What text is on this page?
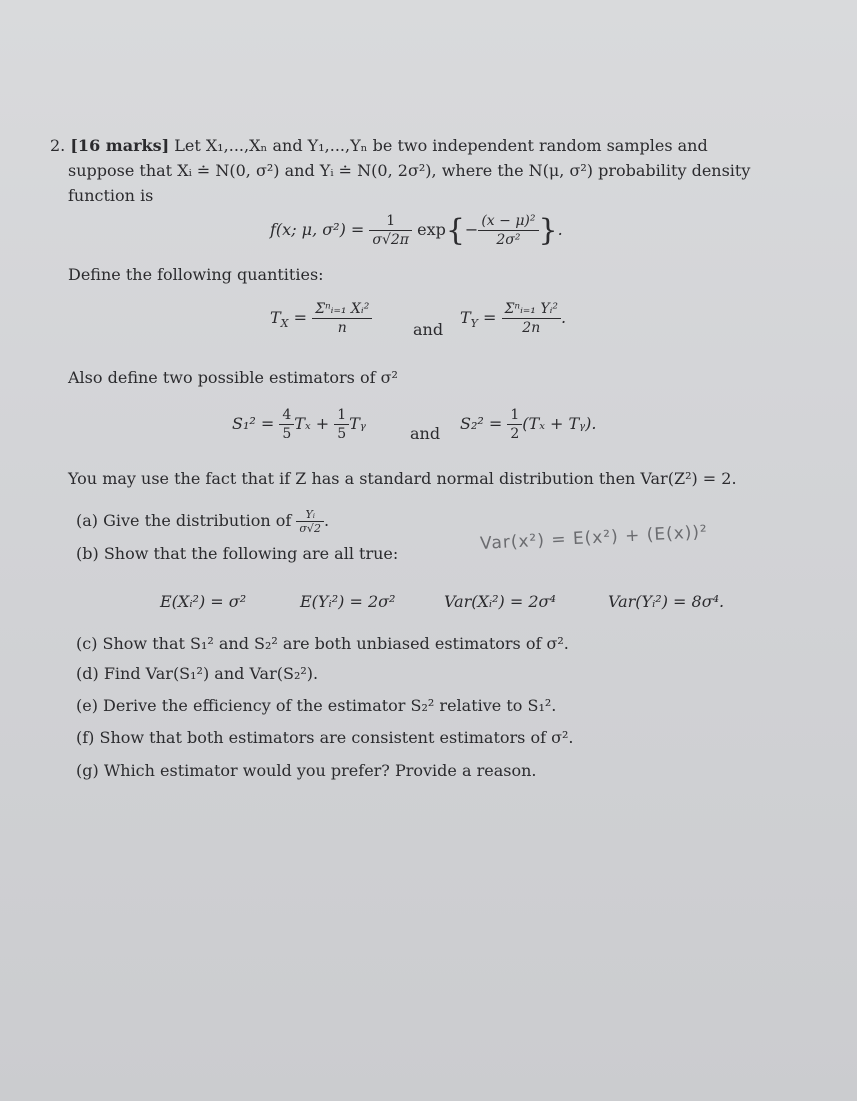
2. [16 marks] Let X₁,...,Xₙ and Y₁,...,Yₙ be two independent random samples and
suppose that Xᵢ ≐ N(0, σ²) and Yᵢ ≐ N(0, 2σ²), where the N(μ, σ²) probability density
function is
f(x; μ, $\sigma^2) = \frac{1}{\sigma√2\pi} \exp\{- \frac{\text{(x − μ)²}}{\text{2σ²}}$ }.
Define the following quantities:
$T_X = \frac{\text{Σⁿᵢ₌₁ Xᵢ²}}{n}$	and
$T_Y = \frac{\text{Σⁿᵢ₌₁ Yᵢ²}}{2n}$ .
Also define two possible estimators of σ²
$S_1^2 = \frac{4}{5}$ $T_x + \frac{1}{5}$ Tᵧ
and
$S_2^2 = \frac{1}{2} (T_x$ + Tᵧ).
You may use the fact that if Z has a standard normal distribution then Var(Z²) = 2.
(a) Give the distribution of $\frac{\text{Yᵢ}}{\sigma√2}$ .
(b) Show that the following are all true:	Var(x²) = E(x²) + (E(x))²
E(Xᵢ²) = σ²	E(Yᵢ²) = 2σ²	Var(Xᵢ²) = 2σ⁴	Var(Yᵢ²) = 8σ⁴.
(c) Show that S₁² and S₂² are both unbiased estimators of σ².
(d) Find Var(S₁²) and Var(S₂²).
(e) Derive the efficiency of the estimator S₂² relative to S₁².
(f) Show that both estimators are consistent estimators of σ².
(g) Which estimator would you prefer? Provide a reason.
